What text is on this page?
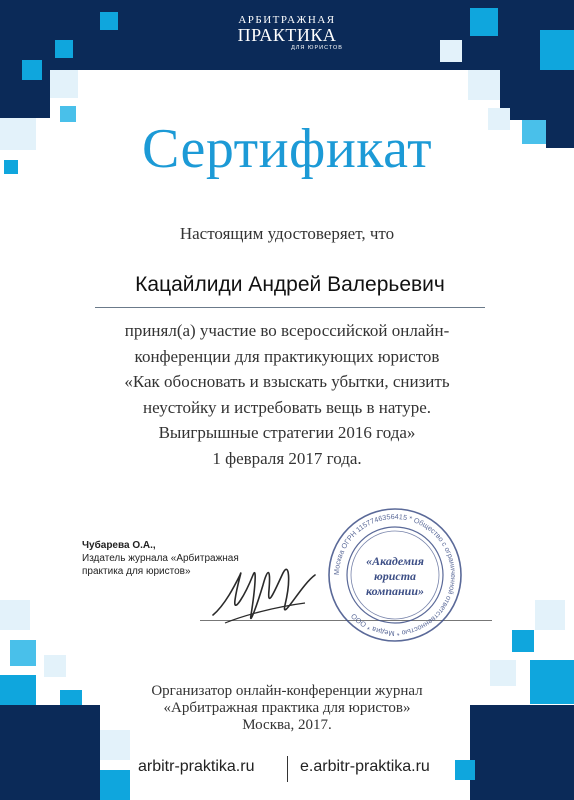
АРБИТРАЖНАЯ
ПРАКТИКА
ДЛЯ ЮРИСТОВ
Сертификат
Настоящим удостоверяет, что
Кацайлиди Андрей Валерьевич
принял(а) участие во всероссийской онлайн-
конференции для практикующих юристов
«Как обосновать и взыскать убытки, снизить
неустойку и истребовать вещь в натуре.
Выигрышные стратегии 2016 года»
1 февраля 2017 года.
Чубарева О.А.,
Издатель журнала «Арбитражная
практика для юристов»	Москва ОГРН 1157746356415 * Общество с ограниченной ответственностью * Медиа * ООО
«Академия
юриста
компании»
Организатор онлайн-конференции журнал
«Арбитражная практика для юристов»
Москва, 2017.
arbitr-praktika.ru	e.arbitr-praktika.ru
